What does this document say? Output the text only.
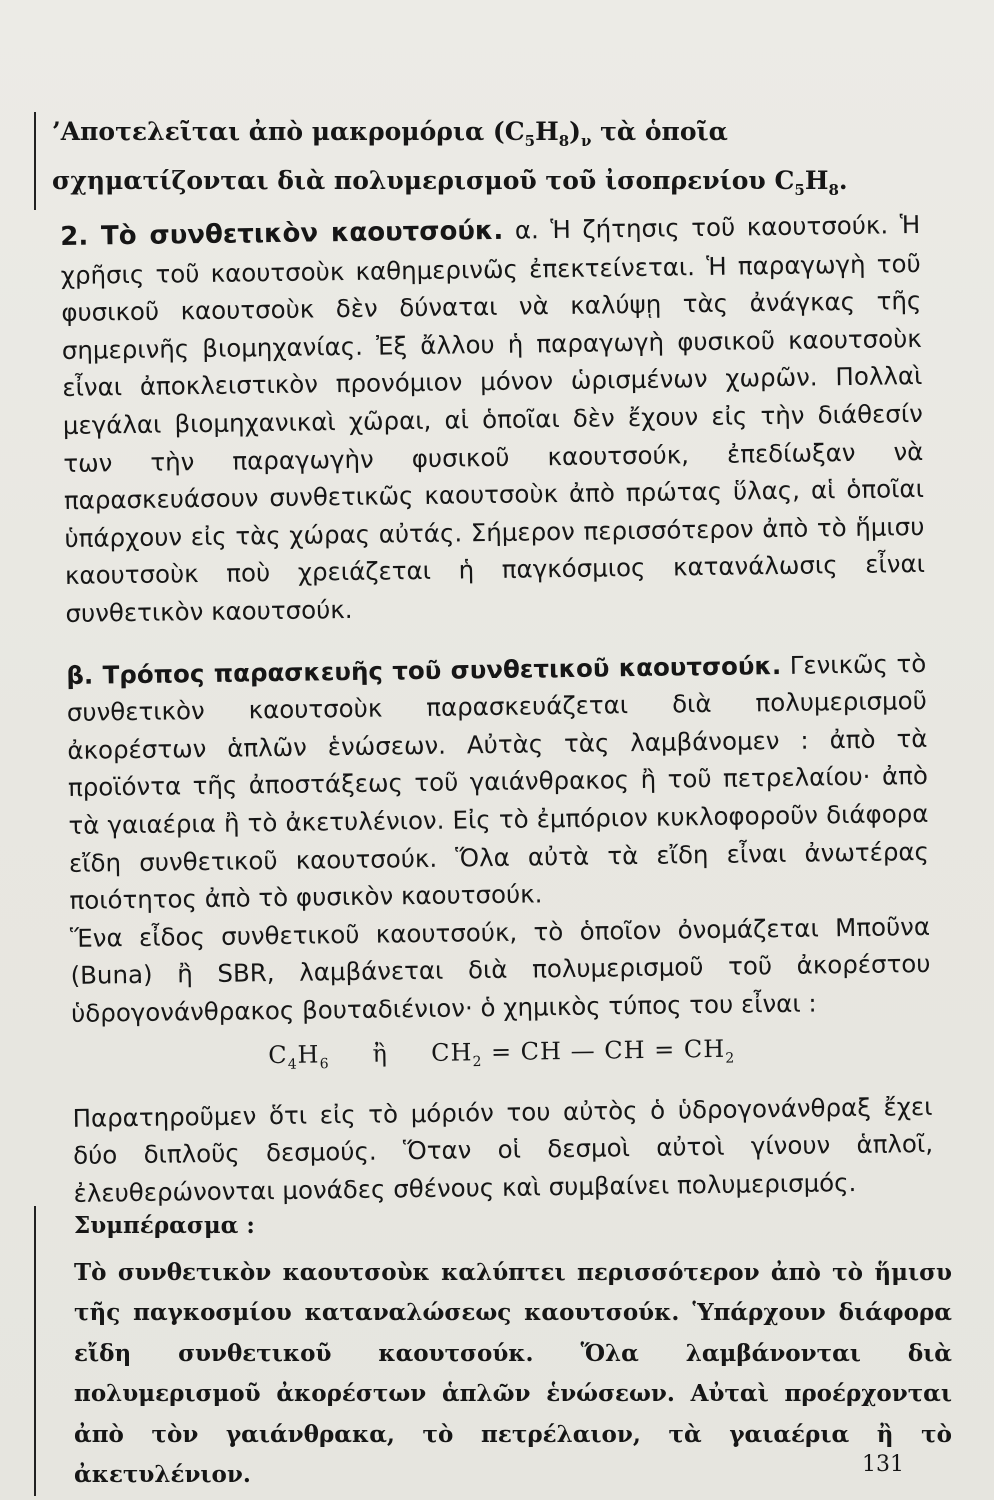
’Αποτελεῖται ἀπὸ μακρομόρια $(C_5H_8)_\nu$ τὰ ὁποῖα σχηματίζονται διὰ πολυμερισμοῦ τοῦ ἰσοπρενίου $C_5H_8$.

2. Τὸ συνθετικὸν καουτσούκ. α. Ἡ ζήτησις τοῦ καουτσούκ. Ἡ χρῆσις τοῦ καουτσοὺκ καθημερινῶς ἐπεκτείνεται. Ἡ παραγωγὴ τοῦ φυσικοῦ καουτσοὺκ δὲν δύναται νὰ καλύψῃ τὰς ἀνάγκας τῆς σημερινῆς βιομηχανίας. Ἐξ ἄλλου ἡ παραγωγὴ φυσικοῦ καουτσοὺκ εἶναι ἀποκλειστικὸν προνόμιον μόνον ὡρισμένων χωρῶν. Πολλαὶ μεγάλαι βιομηχανικαὶ χῶραι, αἱ ὁποῖαι δὲν ἔχουν εἰς τὴν διάθεσίν των τὴν παραγωγὴν φυσικοῦ καουτσούκ, ἐπεδίωξαν νὰ παρασκευάσουν συνθετικῶς καουτσοὺκ ἀπὸ πρώτας ὕλας, αἱ ὁποῖαι ὑπάρχουν εἰς τὰς χώρας αὐτάς. Σήμερον περισσότερον ἀπὸ τὸ ἥμισυ καουτσοὺκ ποὺ χρειάζεται ἡ παγκόσμιος κατανάλωσις εἶναι συνθετικὸν καουτσούκ.

β. Τρόπος παρασκευῆς τοῦ συνθετικοῦ καουτσούκ. Γενικῶς τὸ συνθετικὸν καουτσοὺκ παρασκευάζεται διὰ πολυμερισμοῦ ἀκορέστων ἁπλῶν ἑνώσεων. Αὐτὰς τὰς λαμβάνομεν : ἀπὸ τὰ προϊόντα τῆς ἀποστάξεως τοῦ γαιάνθρακος ἢ τοῦ πετρελαίου· ἀπὸ τὰ γαιαέρια ἢ τὸ ἀκετυλένιον. Εἰς τὸ ἐμπόριον κυκλοφοροῦν διάφορα εἴδη συνθετικοῦ καουτσούκ. Ὅλα αὐτὰ τὰ εἴδη εἶναι ἀνωτέρας ποιότητος ἀπὸ τὸ φυσικὸν καουτσούκ.

Ἕνα εἶδος συνθετικοῦ καουτσούκ, τὸ ὁποῖον ὀνομάζεται Μποῦνα (Buna) ἢ SBR, λαμβάνεται διὰ πολυμερισμοῦ τοῦ ἀκορέστου ὑδρογονάνθρακος βουταδιένιον· ὁ χημικὸς τύπος του εἶναι :

$C_4H_6$ ἢ $CH_2$ = CH — CH = $CH_2$

Παρατηροῦμεν ὅτι εἰς τὸ μόριόν του αὐτὸς ὁ ὑδρογονάνθραξ ἔχει δύο διπλοῦς δεσμούς. Ὅταν οἱ δεσμοὶ αὐτοὶ γίνουν ἁπλοῖ, ἐλευθερώνονται μονάδες σθένους καὶ συμβαίνει πολυμερισμός.

Συμπέρασμα :

Τὸ συνθετικὸν καουτσοὺκ καλύπτει περισσότερον ἀπὸ τὸ ἥμισυ τῆς παγκοσμίου καταναλώσεως καουτσούκ. Ὑπάρχουν διάφορα εἴδη συνθετικοῦ καουτσούκ. Ὅλα λαμβάνονται διὰ πολυμερισμοῦ ἀκορέστων ἁπλῶν ἑνώσεων. Αὐταὶ προέρχονται ἀπὸ τὸν γαιάνθρακα, τὸ πετρέλαιον, τὰ γαιαέρια ἢ τὸ ἀκετυλένιον.	131
